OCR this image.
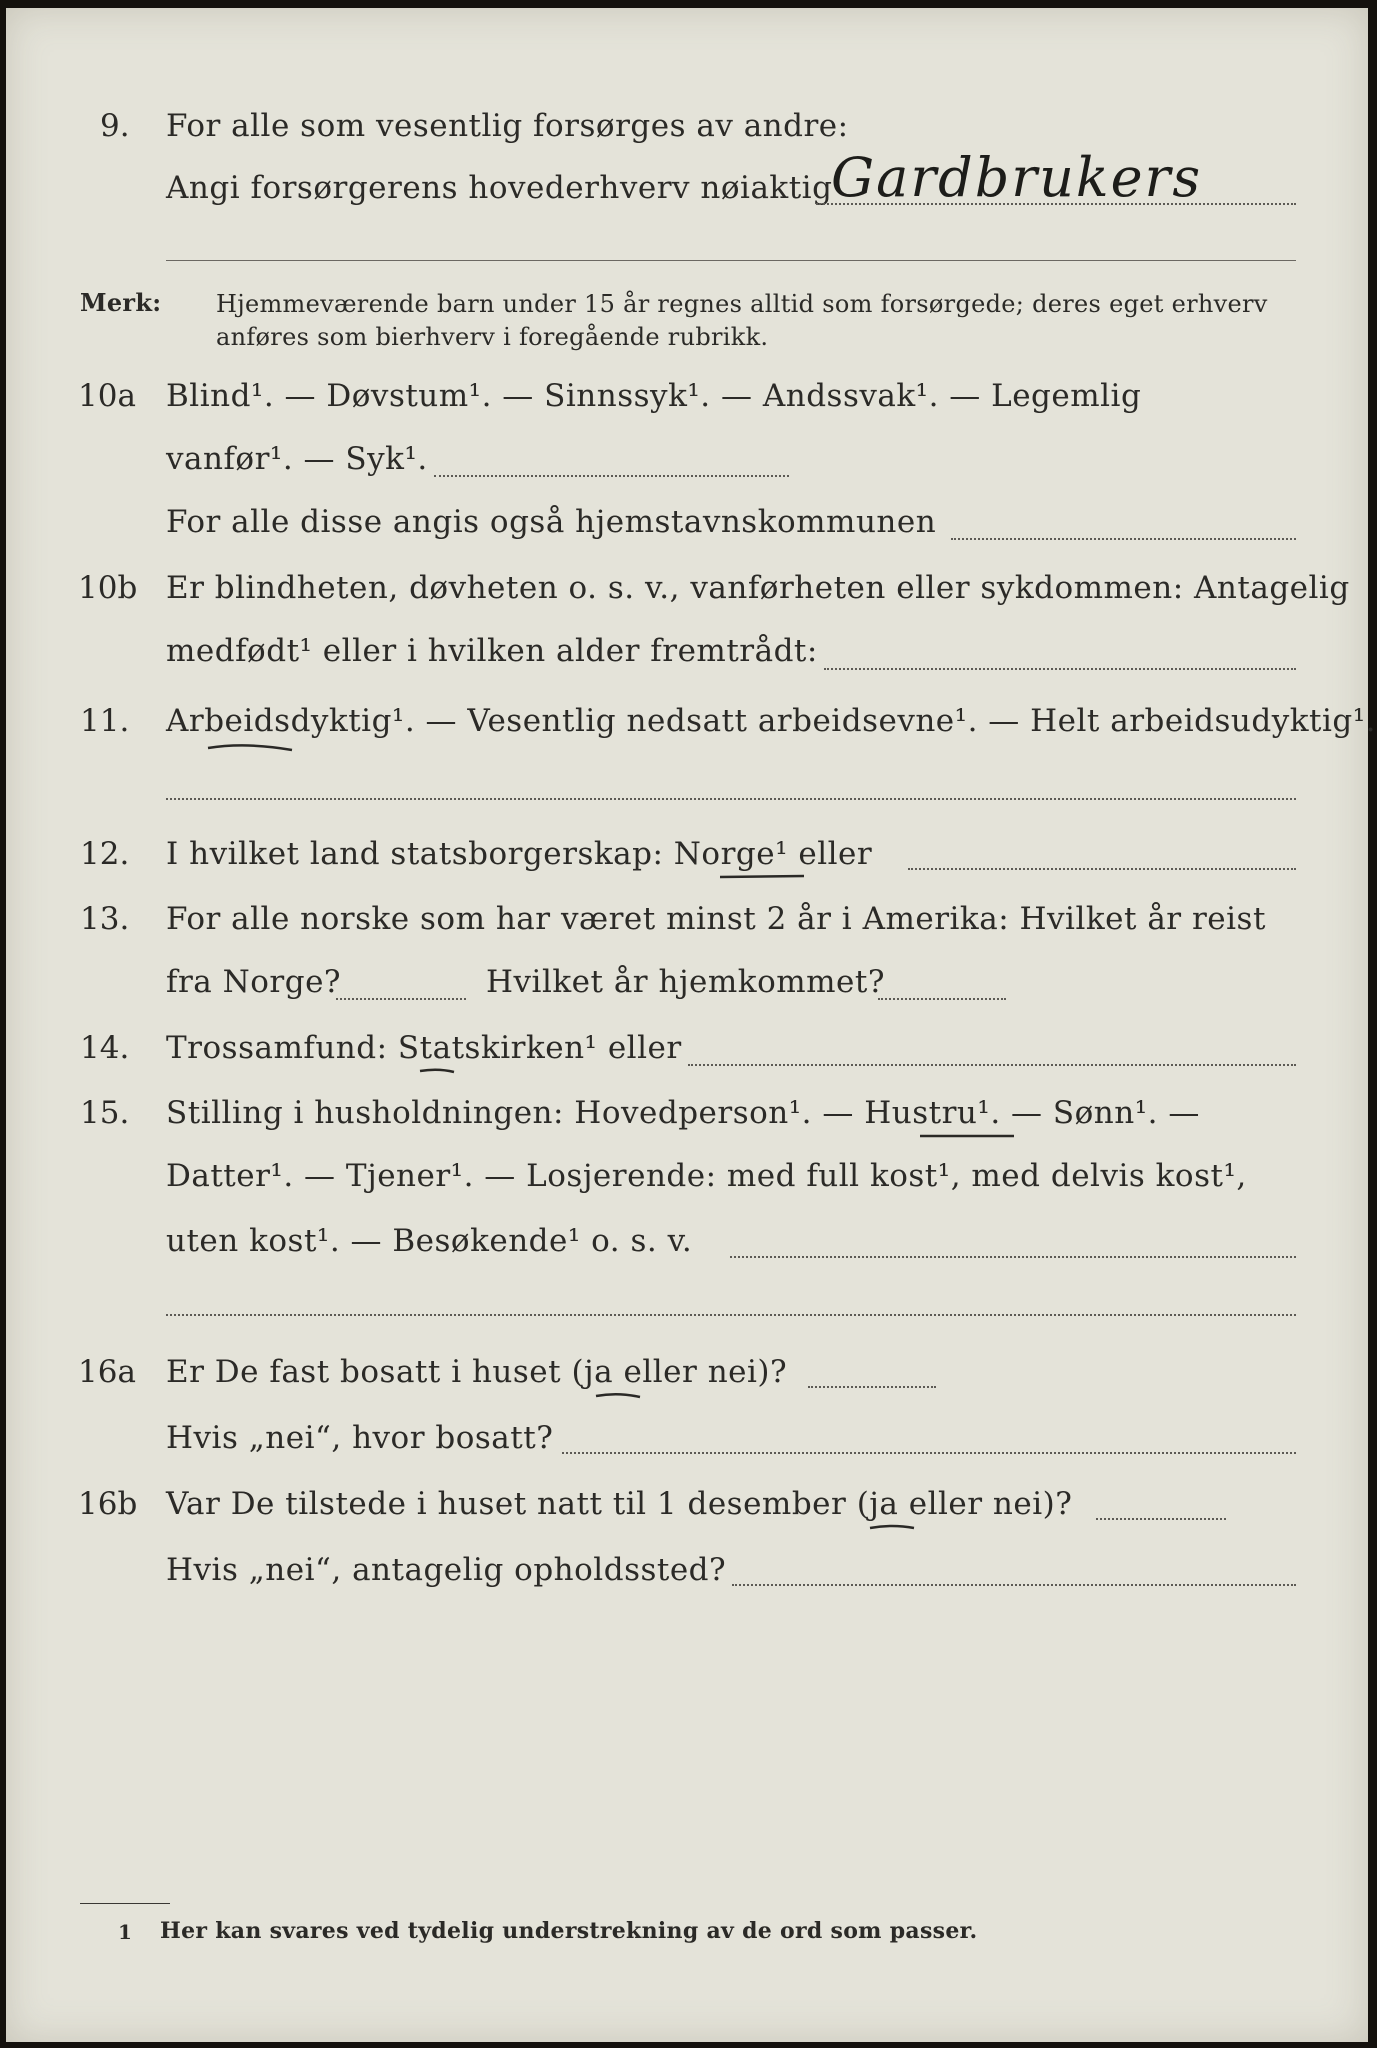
9. For alle som vesentlig forsørges av andre:
Angi forsørgerens hovederhverv nøiaktig
Gardbrukers
Merk: Hjemmeværende barn under 15 år regnes alltid som forsørgede; deres eget erhverv
anføres som bierhverv i foregående rubrikk.
10a Blind¹. — Døvstum¹. — Sinnssyk¹. — Andssvak¹. — Legemlig
vanfør¹. — Syk¹.
For alle disse angis også hjemstavnskommunen
10b Er blindheten, døvheten o. s. v., vanførheten eller sykdommen: Antagelig
medfødt¹ eller i hvilken alder fremtrådt:
11. Arbeidsdyktig¹. — Vesentlig nedsatt arbeidsevne¹. — Helt arbeidsudyktig¹.
12. I hvilket land statsborgerskap: Norge¹ eller
13. For alle norske som har været minst 2 år i Amerika: Hvilket år reist
fra Norge?	Hvilket år hjemkommet?
14. Trossamfund: Statskirken¹ eller
15. Stilling i husholdningen: Hovedperson¹. — Hustru¹. — Sønn¹. —
Datter¹. — Tjener¹. — Losjerende: med full kost¹, med delvis kost¹,
uten kost¹. — Besøkende¹ o. s. v.
16a Er De fast bosatt i huset (ja eller nei)?
Hvis „nei“, hvor bosatt?
16b Var De tilstede i huset natt til 1 desember (ja eller nei)?
Hvis „nei“, antagelig opholdssted?
1 Her kan svares ved tydelig understrekning av de ord som passer.
